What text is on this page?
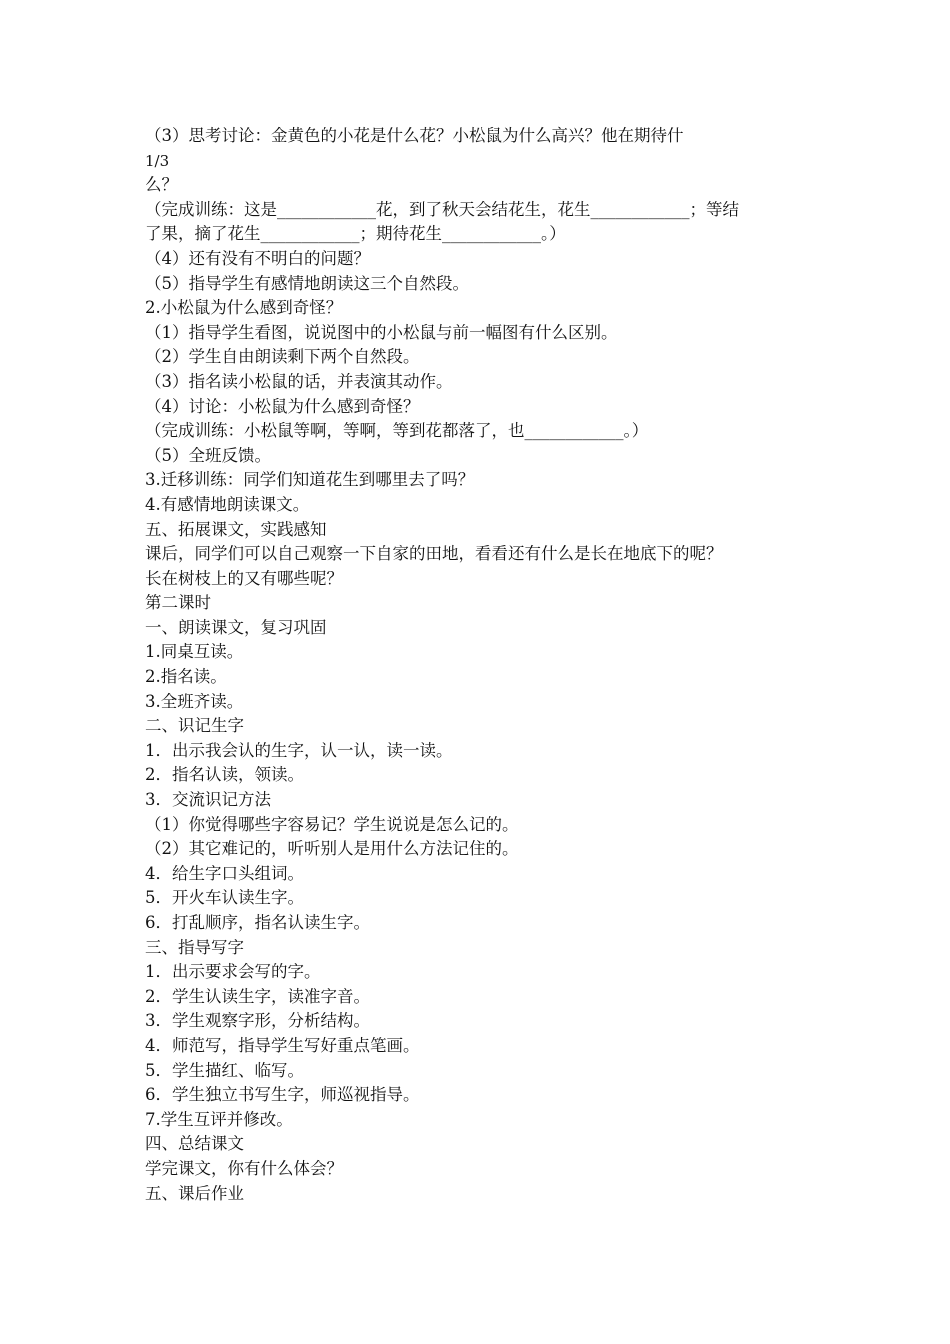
（3）思考讨论：金黄色的小花是什么花？小松鼠为什么高兴？他在期待什
1/3
么？
（完成训练：这是____________花，到了秋天会结花生，花生____________；等结
了果，摘了花生____________；期待花生____________。）
（4）还有没有不明白的问题？
（5）指导学生有感情地朗读这三个自然段。
2.小松鼠为什么感到奇怪？
（1）指导学生看图，说说图中的小松鼠与前一幅图有什么区别。
（2）学生自由朗读剩下两个自然段。
（3）指名读小松鼠的话，并表演其动作。
（4）讨论：小松鼠为什么感到奇怪？
（完成训练：小松鼠等啊，等啊，等到花都落了，也____________。）
（5）全班反馈。
3.迁移训练：同学们知道花生到哪里去了吗？
4.有感情地朗读课文。
五、拓展课文，实践感知
课后，同学们可以自己观察一下自家的田地，看看还有什么是长在地底下的呢？
长在树枝上的又有哪些呢？
第二课时
一、朗读课文，复习巩固
1.同桌互读。
2.指名读。
3.全班齐读。
二、识记生字
1．出示我会认的生字，认一认，读一读。
2．指名认读，领读。
3．交流识记方法
（1）你觉得哪些字容易记？学生说说是怎么记的。
（2）其它难记的，听听别人是用什么方法记住的。
4．给生字口头组词。
5．开火车认读生字。
6．打乱顺序，指名认读生字。
三、指导写字
1．出示要求会写的字。
2．学生认读生字，读准字音。
3．学生观察字形，分析结构。
4．师范写，指导学生写好重点笔画。
5．学生描红、临写。
6．学生独立书写生字，师巡视指导。
7.学生互评并修改。
四、总结课文
学完课文，你有什么体会？
五、课后作业
